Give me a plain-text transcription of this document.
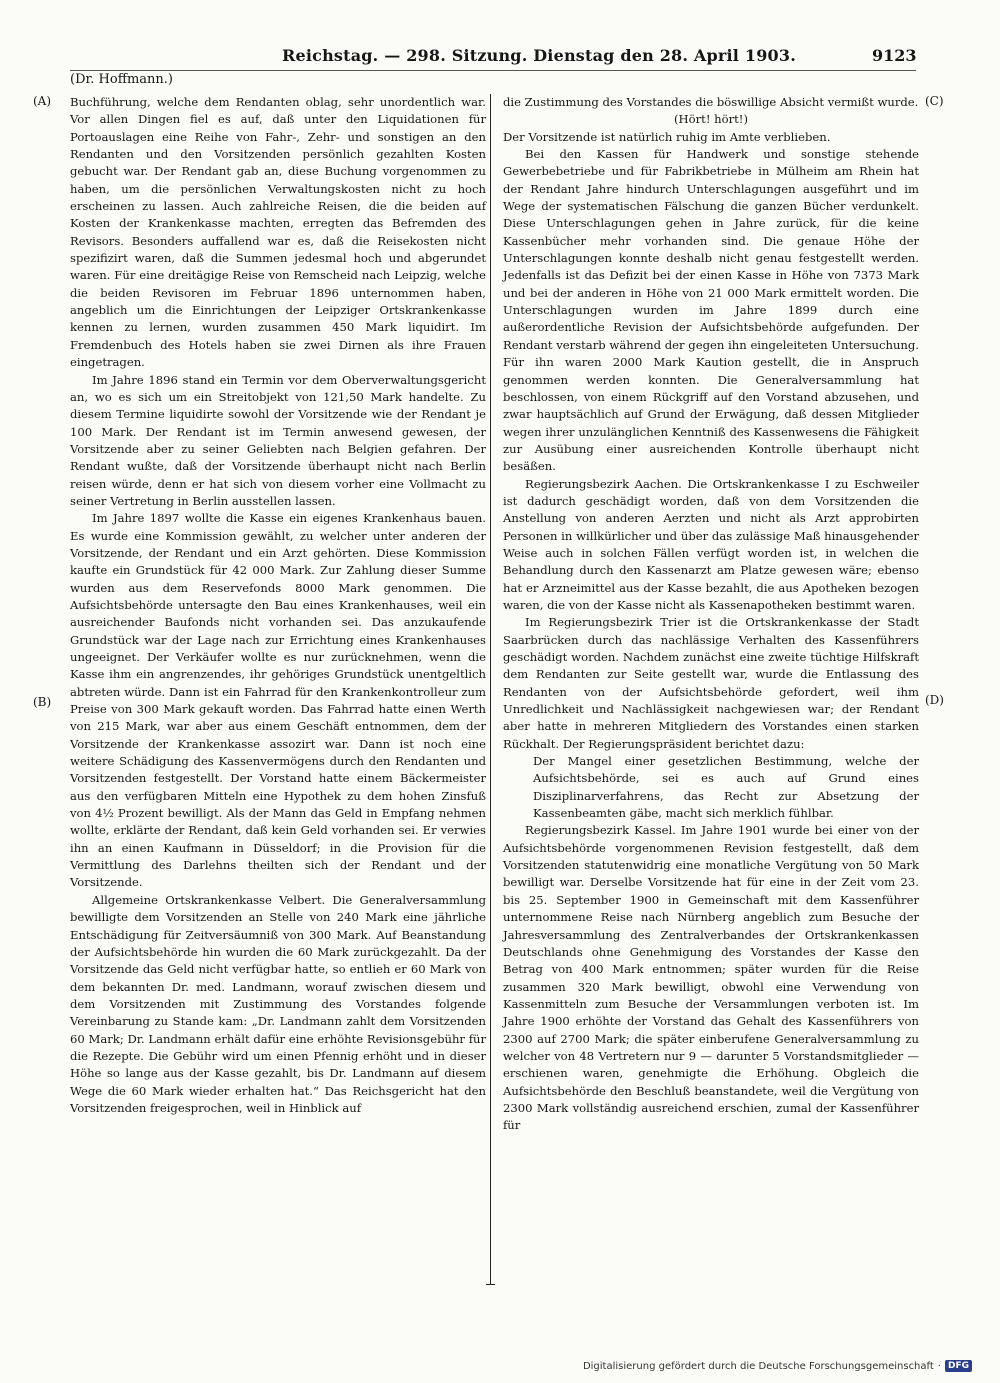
Reichstag. — 298. Sitzung. Dienstag den 28. April 1903.	9123
(Dr. Hoffmann.)
(A)
(B)
(C)
(D)

Buchführung, welche dem Rendanten oblag, sehr unordentlich war. Vor allen Dingen fiel es auf, daß unter den Liquidationen für Portoauslagen eine Reihe von Fahr-, Zehr- und sonstigen an den Rendanten und den Vorsitzenden persönlich gezahlten Kosten gebucht war. Der Rendant gab an, diese Buchung vorgenommen zu haben, um die persönlichen Verwaltungskosten nicht zu hoch erscheinen zu lassen. Auch zahlreiche Reisen, die die beiden auf Kosten der Krankenkasse machten, erregten das Befremden des Revisors. Besonders auffallend war es, daß die Reisekosten nicht spezifizirt waren, daß die Summen jedesmal hoch und abgerundet waren. Für eine dreitägige Reise von Remscheid nach Leipzig, welche die beiden Revisoren im Februar 1896 unternommen haben, angeblich um die Einrichtungen der Leipziger Ortskrankenkasse kennen zu lernen, wurden zusammen 450 Mark liquidirt. Im Fremdenbuch des Hotels haben sie zwei Dirnen als ihre Frauen eingetragen.

Im Jahre 1896 stand ein Termin vor dem Oberverwaltungsgericht an, wo es sich um ein Streitobjekt von 121,50 Mark handelte. Zu diesem Termine liquidirte sowohl der Vorsitzende wie der Rendant je 100 Mark. Der Rendant ist im Termin anwesend gewesen, der Vorsitzende aber zu seiner Geliebten nach Belgien gefahren. Der Rendant wußte, daß der Vorsitzende überhaupt nicht nach Berlin reisen würde, denn er hat sich von diesem vorher eine Vollmacht zu seiner Vertretung in Berlin ausstellen lassen.

Im Jahre 1897 wollte die Kasse ein eigenes Krankenhaus bauen. Es wurde eine Kommission gewählt, zu welcher unter anderen der Vorsitzende, der Rendant und ein Arzt gehörten. Diese Kommission kaufte ein Grundstück für 42 000 Mark. Zur Zahlung dieser Summe wurden aus dem Reservefonds 8000 Mark genommen. Die Aufsichtsbehörde untersagte den Bau eines Krankenhauses, weil ein ausreichender Baufonds nicht vorhanden sei. Das anzukaufende Grundstück war der Lage nach zur Errichtung eines Krankenhauses ungeeignet. Der Verkäufer wollte es nur zurücknehmen, wenn die Kasse ihm ein angrenzendes, ihr gehöriges Grundstück unentgeltlich abtreten würde. Dann ist ein Fahrrad für den Krankenkontrolleur zum Preise von 300 Mark gekauft worden. Das Fahrrad hatte einen Werth von 215 Mark, war aber aus einem Geschäft entnommen, dem der Vorsitzende der Krankenkasse assozirt war. Dann ist noch eine weitere Schädigung des Kassenvermögens durch den Rendanten und Vorsitzenden festgestellt. Der Vorstand hatte einem Bäckermeister aus den verfügbaren Mitteln eine Hypothek zu dem hohen Zinsfuß von 4½ Prozent bewilligt. Als der Mann das Geld in Empfang nehmen wollte, erklärte der Rendant, daß kein Geld vorhanden sei. Er verwies ihn an einen Kaufmann in Düsseldorf; in die Provision für die Vermittlung des Darlehns theilten sich der Rendant und der Vorsitzende.

Allgemeine Ortskrankenkasse Velbert. Die Generalversammlung bewilligte dem Vorsitzenden an Stelle von 240 Mark eine jährliche Entschädigung für Zeitversäumniß von 300 Mark. Auf Beanstandung der Aufsichtsbehörde hin wurden die 60 Mark zurückgezahlt. Da der Vorsitzende das Geld nicht verfügbar hatte, so entlieh er 60 Mark von dem bekannten Dr. med. Landmann, worauf zwischen diesem und dem Vorsitzenden mit Zustimmung des Vorstandes folgende Vereinbarung zu Stande kam: „Dr. Landmann zahlt dem Vorsitzenden 60 Mark; Dr. Landmann erhält dafür eine erhöhte Revisionsgebühr für die Rezepte. Die Gebühr wird um einen Pfennig erhöht und in dieser Höhe so lange aus der Kasse gezahlt, bis Dr. Landmann auf diesem Wege die 60 Mark wieder erhalten hat.“ Das Reichsgericht hat den Vorsitzenden freigesprochen, weil in Hinblick auf

die Zustimmung des Vorstandes die böswillige Absicht vermißt wurde.

(Hört! hört!)

Der Vorsitzende ist natürlich ruhig im Amte verblieben.

Bei den Kassen für Handwerk und sonstige stehende Gewerbebetriebe und für Fabrikbetriebe in Mülheim am Rhein hat der Rendant Jahre hindurch Unterschlagungen ausgeführt und im Wege der systematischen Fälschung die ganzen Bücher verdunkelt. Diese Unterschlagungen gehen in Jahre zurück, für die keine Kassenbücher mehr vorhanden sind. Die genaue Höhe der Unterschlagungen konnte deshalb nicht genau festgestellt werden. Jedenfalls ist das Defizit bei der einen Kasse in Höhe von 7373 Mark und bei der anderen in Höhe von 21 000 Mark ermittelt worden. Die Unterschlagungen wurden im Jahre 1899 durch eine außerordentliche Revision der Aufsichtsbehörde aufgefunden. Der Rendant verstarb während der gegen ihn eingeleiteten Untersuchung. Für ihn waren 2000 Mark Kaution gestellt, die in Anspruch genommen werden konnten. Die Generalversammlung hat beschlossen, von einem Rückgriff auf den Vorstand abzusehen, und zwar hauptsächlich auf Grund der Erwägung, daß dessen Mitglieder wegen ihrer unzulänglichen Kenntniß des Kassenwesens die Fähigkeit zur Ausübung einer ausreichenden Kontrolle überhaupt nicht besäßen.

Regierungsbezirk Aachen. Die Ortskrankenkasse I zu Eschweiler ist dadurch geschädigt worden, daß von dem Vorsitzenden die Anstellung von anderen Aerzten und nicht als Arzt approbirten Personen in willkürlicher und über das zulässige Maß hinausgehender Weise auch in solchen Fällen verfügt worden ist, in welchen die Behandlung durch den Kassenarzt am Platze gewesen wäre; ebenso hat er Arzneimittel aus der Kasse bezahlt, die aus Apotheken bezogen waren, die von der Kasse nicht als Kassenapotheken bestimmt waren.

Im Regierungsbezirk Trier ist die Ortskrankenkasse der Stadt Saarbrücken durch das nachlässige Verhalten des Kassenführers geschädigt worden. Nachdem zunächst eine zweite tüchtige Hilfskraft dem Rendanten zur Seite gestellt war, wurde die Entlassung des Rendanten von der Aufsichtsbehörde gefordert, weil ihm Unredlichkeit und Nachlässigkeit nachgewiesen war; der Rendant aber hatte in mehreren Mitgliedern des Vorstandes einen starken Rückhalt. Der Regierungspräsident berichtet dazu:

Der Mangel einer gesetzlichen Bestimmung, welche der Aufsichtsbehörde, sei es auch auf Grund eines Disziplinarverfahrens, das Recht zur Absetzung der Kassenbeamten gäbe, macht sich merklich fühlbar.

Regierungsbezirk Kassel. Im Jahre 1901 wurde bei einer von der Aufsichtsbehörde vorgenommenen Revision festgestellt, daß dem Vorsitzenden statutenwidrig eine monatliche Vergütung von 50 Mark bewilligt war. Derselbe Vorsitzende hat für eine in der Zeit vom 23. bis 25. September 1900 in Gemeinschaft mit dem Kassenführer unternommene Reise nach Nürnberg angeblich zum Besuche der Jahresversammlung des Zentralverbandes der Ortskrankenkassen Deutschlands ohne Genehmigung des Vorstandes der Kasse den Betrag von 400 Mark entnommen; später wurden für die Reise zusammen 320 Mark bewilligt, obwohl eine Verwendung von Kassenmitteln zum Besuche der Versammlungen verboten ist. Im Jahre 1900 erhöhte der Vorstand das Gehalt des Kassenführers von 2300 auf 2700 Mark; die später einberufene Generalversammlung zu welcher von 48 Vertretern nur 9 — darunter 5 Vorstandsmitglieder — erschienen waren, genehmigte die Erhöhung. Obgleich die Aufsichtsbehörde den Beschluß beanstandete, weil die Vergütung von 2300 Mark vollständig ausreichend erschien, zumal der Kassenführer für

Digitalisierung gefördert durch die Deutsche Forschungsgemeinschaft · DFG
